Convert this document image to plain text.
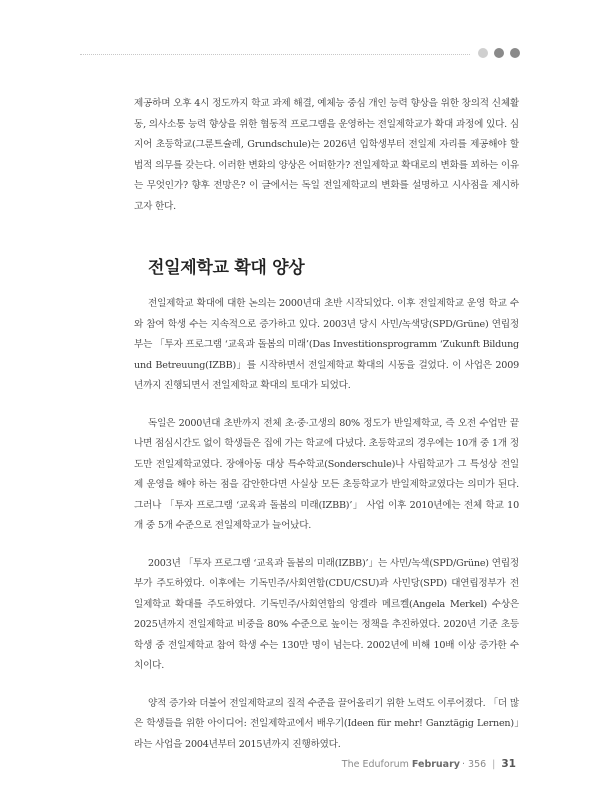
제공하며 오후 4시 정도까지 학교 과제 해결, 예체능 중심 개인 능력 향상을 위한 창의적 신체활동, 의사소통 능력 향상을 위한 협동적 프로그램을 운영하는 전일제학교가 확대 과정에 있다. 심지어 초등학교(그룬트슐레, Grundschule)는 2026년 입학생부터 전일제 자리를 제공해야 할 법적 의무를 갖는다. 이러한 변화의 양상은 어떠한가? 전일제학교 확대로의 변화를 꾀하는 이유는 무엇인가? 향후 전망은? 이 글에서는 독일 전일제학교의 변화를 설명하고 시사점을 제시하고자 한다.

전일제학교 확대 양상

전일제학교 확대에 대한 논의는 2000년대 초반 시작되었다. 이후 전일제학교 운영 학교 수와 참여 학생 수는 지속적으로 증가하고 있다. 2003년 당시 사민/녹색당(SPD/Grüne) 연립정부는 「투자 프로그램 ‘교육과 돌봄의 미래’(Das Investitionsprogramm ‘Zukunft Bildung und Betreuung(IZBB)」를 시작하면서 전일제학교 확대의 시동을 걸었다. 이 사업은 2009년까지 진행되면서 전일제학교 확대의 토대가 되었다.

독일은 2000년대 초반까지 전체 초·중·고생의 80% 정도가 반일제학교, 즉 오전 수업만 끝나면 점심시간도 없이 학생들은 집에 가는 학교에 다녔다. 초등학교의 경우에는 10개 중 1개 정도만 전일제학교였다. 장애아동 대상 특수학교(Sonderschule)나 사립학교가 그 특성상 전일제 운영을 해야 하는 점을 감안한다면 사실상 모든 초등학교가 반일제학교였다는 의미가 된다. 그러나 「투자 프로그램 ‘교육과 돌봄의 미래(IZBB)’」 사업 이후 2010년에는 전체 학교 10개 중 5개 수준으로 전일제학교가 늘어났다.

2003년 「투자 프로그램 ‘교육과 돌봄의 미래(IZBB)’」는 사민/녹색(SPD/Grüne) 연립정부가 주도하였다. 이후에는 기독민주/사회연합(CDU/CSU)과 사민당(SPD) 대연립정부가 전일제학교 확대를 주도하였다. 기독민주/사회연합의 앙겔라 메르켈(Angela Merkel) 수상은 2025년까지 전일제학교 비중을 80% 수준으로 높이는 정책을 추진하였다. 2020년 기준 초등학생 중 전일제학교 참여 학생 수는 130만 명이 넘는다. 2002년에 비해 10배 이상 증가한 수치이다.

양적 증가와 더불어 전일제학교의 질적 수준을 끌어올리기 위한 노력도 이루어졌다. 「더 많은 학생들을 위한 아이디어: 전일제학교에서 배우기(Ideen für mehr! Ganztägig Lernen)」라는 사업을 2004년부터 2015년까지 진행하였다.

The Eduforum February · 356 | 31
